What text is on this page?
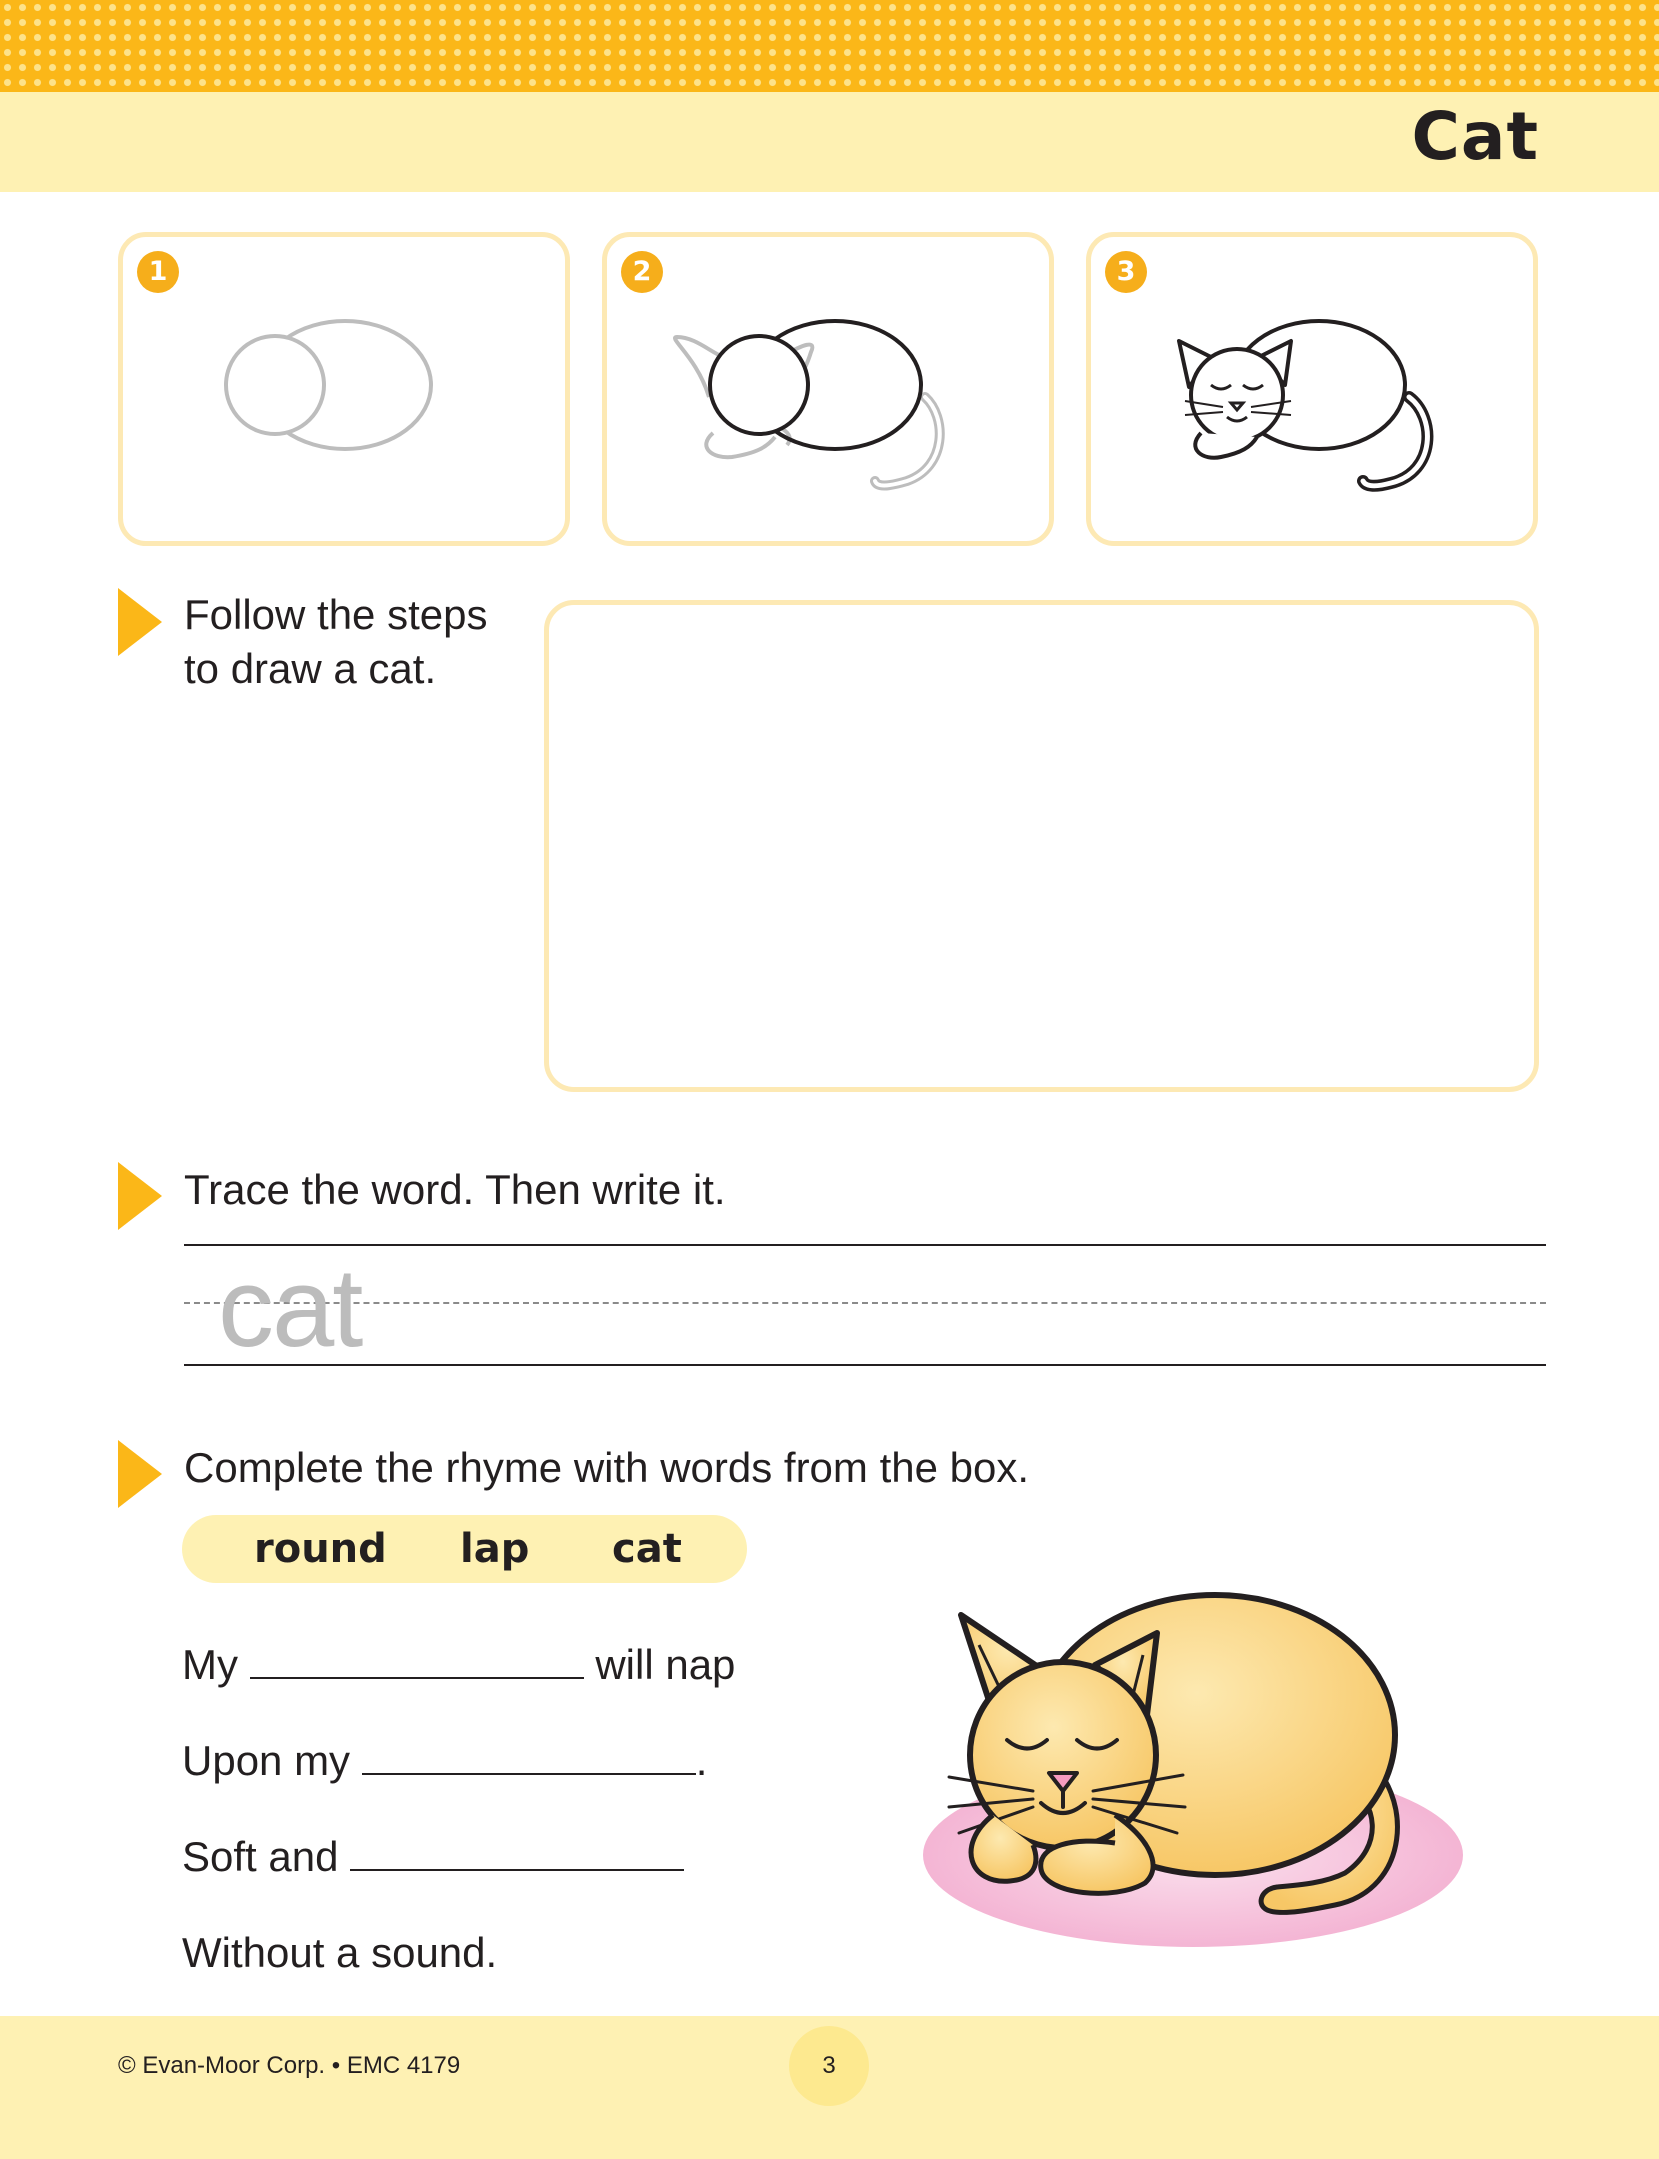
Cat
1	2	3
Follow the steps
to draw a cat.
Trace the word. Then write it.
cat
Complete the rhyme with words from the box.
round lap cat
My	will nap
Upon my	.
Soft and
Without a sound.
© Evan-Moor Corp. • EMC 4179	3
